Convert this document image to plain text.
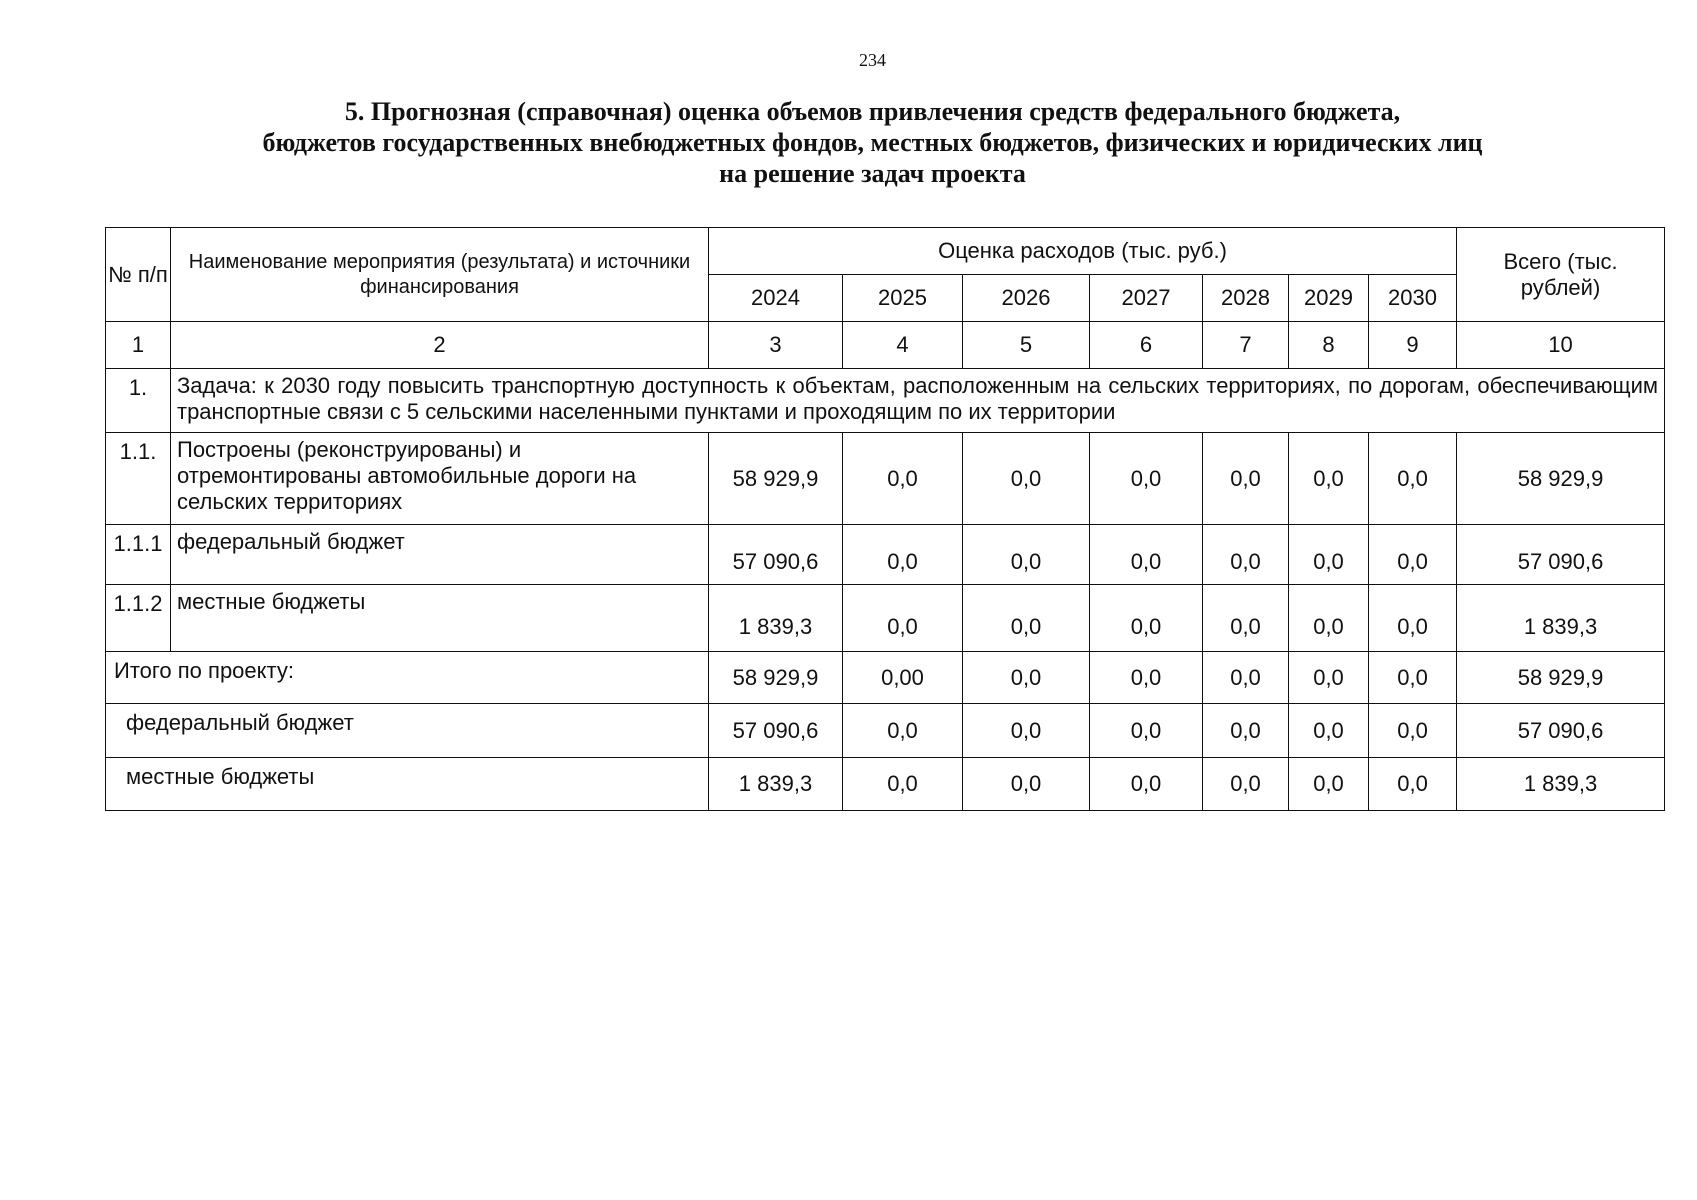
234
5. Прогнозная (справочная) оценка объемов привлечения средств федерального бюджета,
бюджетов государственных внебюджетных фондов, местных бюджетов, физических и юридических лиц
на решение задач проекта
№ п/п	Наименование мероприятия (результата) и источники финансирования	Оценка расходов (тыс. руб.)							Всего (тыс. рублей)
		2024	2025	2026	2027	2028	2029	2030	
1	2	3	4	5	6	7	8	9	10
1.	Задача: к 2030 году повысить транспортную доступность к объектам, расположенным на сельских территориях, по дорогам, обеспечивающим транспортные связи с 5 сельскими населенными пунктами и проходящим по их территории								
1.1.	Построены (реконструированы) и отремонтированы автомобильные дороги на сельских территориях	58 929,9	0,0	0,0	0,0	0,0	0,0	0,0	58 929,9
1.1.1	федеральный бюджет	57 090,6	0,0	0,0	0,0	0,0	0,0	0,0	57 090,6
1.1.2	местные бюджеты	1 839,3	0,0	0,0	0,0	0,0	0,0	0,0	1 839,3
Итого по проекту:		58 929,9	0,00	0,0	0,0	0,0	0,0	0,0	58 929,9
федеральный бюджет		57 090,6	0,0	0,0	0,0	0,0	0,0	0,0	57 090,6
местные бюджеты		1 839,3	0,0	0,0	0,0	0,0	0,0	0,0	1 839,3
